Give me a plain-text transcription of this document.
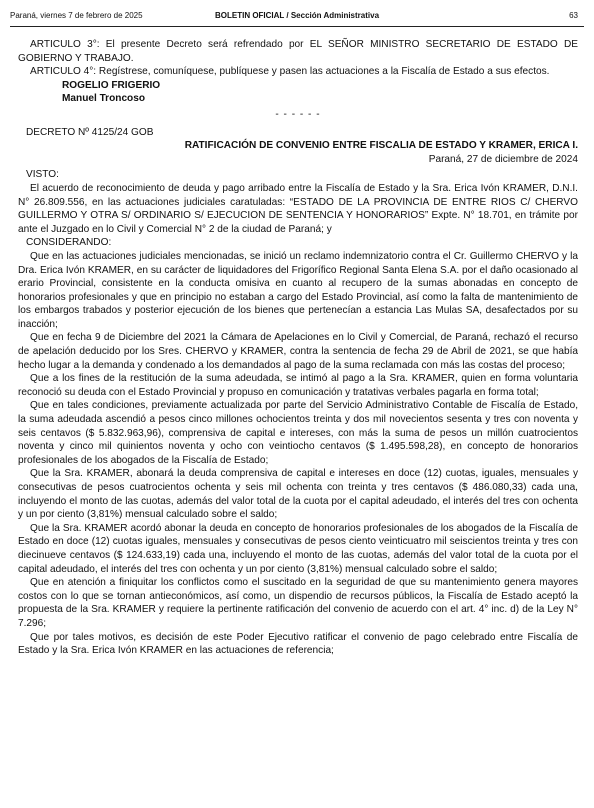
Paraná, viernes 7 de febrero de 2025	BOLETIN OFICIAL / Sección Administrativa	63

ARTICULO 3°: El presente Decreto será refrendado por EL SEÑOR MINISTRO SECRETARIO DE ESTADO DE GOBIERNO Y TRABAJO.

ARTICULO 4°: Regístrese, comuníquese, publíquese y pasen las actuaciones a la Fiscalía de Estado a sus efectos.

ROGELIO FRIGERIO

Manuel Troncoso

- - - - - -

DECRETO Nº 4125/24 GOB

RATIFICACIÓN DE CONVENIO ENTRE FISCALIA DE ESTADO Y KRAMER, ERICA I.

Paraná, 27 de diciembre de 2024

VISTO:

El acuerdo de reconocimiento de deuda y pago arribado entre la Fiscalía de Estado y la Sra. Erica Ivón KRAMER, D.N.I. N° 26.809.556, en las actuaciones judiciales caratuladas: “ESTADO DE LA PROVINCIA DE ENTRE RIOS C/ CHERVO GUILLERMO Y OTRA S/ ORDINARIO S/ EJECUCION DE SENTENCIA Y HONORARIOS” Expte. N° 18.701, en trámite por ante el Juzgado en lo Civil y Comercial N° 2 de la ciudad de Paraná; y

CONSIDERANDO:

Que en las actuaciones judiciales mencionadas, se inició un reclamo indemnizatorio contra el Cr. Guillermo CHERVO y la Dra. Erica Ivón KRAMER, en su carácter de liquidadores del Frigorífico Regional Santa Elena S.A. por el daño ocasionado al erario Provincial, consistente en la conducta omisiva en cuanto al recupero de la sumas abonadas en concepto de honorarios profesionales y que en principio no estaban a cargo del Estado Provincial, así como la falta de mantenimiento de los embargos trabados y posterior ejecución de los bienes que pertenecían a estancia Las Mulas SA, desafectados por su inacción;

Que en fecha 9 de Diciembre del 2021 la Cámara de Apelaciones en lo Civil y Comercial, de Paraná, rechazó el recurso de apelación deducido por los Sres. CHERVO y KRAMER, contra la sentencia de fecha 29 de Abril de 2021, se que había hecho lugar a la demanda y condenado a los demandados al pago de la suma reclamada con más las costas del proceso;

Que a los fines de la restitución de la suma adeudada, se intimó al pago a la Sra. KRAMER, quien en forma voluntaria reconoció su deuda con el Estado Provincial y propuso en comunicación y tratativas verbales pagarla en forma total;

Que en tales condiciones, previamente actualizada por parte del Servicio Administrativo Contable de Fiscalía de Estado, la suma adeudada ascendió a pesos cinco millones ochocientos treinta y dos mil novecientos sesenta y tres con noventa y seis centavos ($ 5.832.963,96), comprensiva de capital e intereses, con más la suma de pesos un millón cuatrocientos noventa y cinco mil quinientos noventa y ocho con veintiocho centavos ($ 1.495.598,28), en concepto de honorarios profesionales de los abogados de la Fiscalía de Estado;

Que la Sra. KRAMER, abonará la deuda comprensiva de capital e intereses en doce (12) cuotas, iguales, mensuales y consecutivas de pesos cuatrocientos ochenta y seis mil ochenta con treinta y tres centavos ($ 486.080,33) cada una, incluyendo el monto de las cuotas, además del valor total de la cuota por el capital adeudado, el interés del tres con ochenta y un por ciento (3,81%) mensual calculado sobre el saldo;

Que la Sra. KRAMER acordó abonar la deuda en concepto de honorarios profesionales de los abogados de la Fiscalía de Estado en doce (12) cuotas iguales, mensuales y consecutivas de pesos ciento veinticuatro mil seiscientos treinta y tres con diecinueve centavos ($ 124.633,19) cada una, incluyendo el monto de las cuotas, además del valor total de la cuota por el capital adeudado, el interés del tres con ochenta y un por ciento (3,81%) mensual calculado sobre el saldo;

Que en atención a finiquitar los conflictos como el suscitado en la seguridad de que su mantenimiento genera mayores costos con lo que se tornan antieconómicos, así como, un dispendio de recursos públicos, la Fiscalía de Estado aceptó la propuesta de la Sra. KRAMER y requiere la pertinente ratificación del convenio de acuerdo con el art. 4° inc. d) de la Ley N° 7.296;

Que por tales motivos, es decisión de este Poder Ejecutivo ratificar el convenio de pago celebrado entre Fiscalía de Estado y la Sra. Erica Ivón KRAMER en las actuaciones de referencia;
